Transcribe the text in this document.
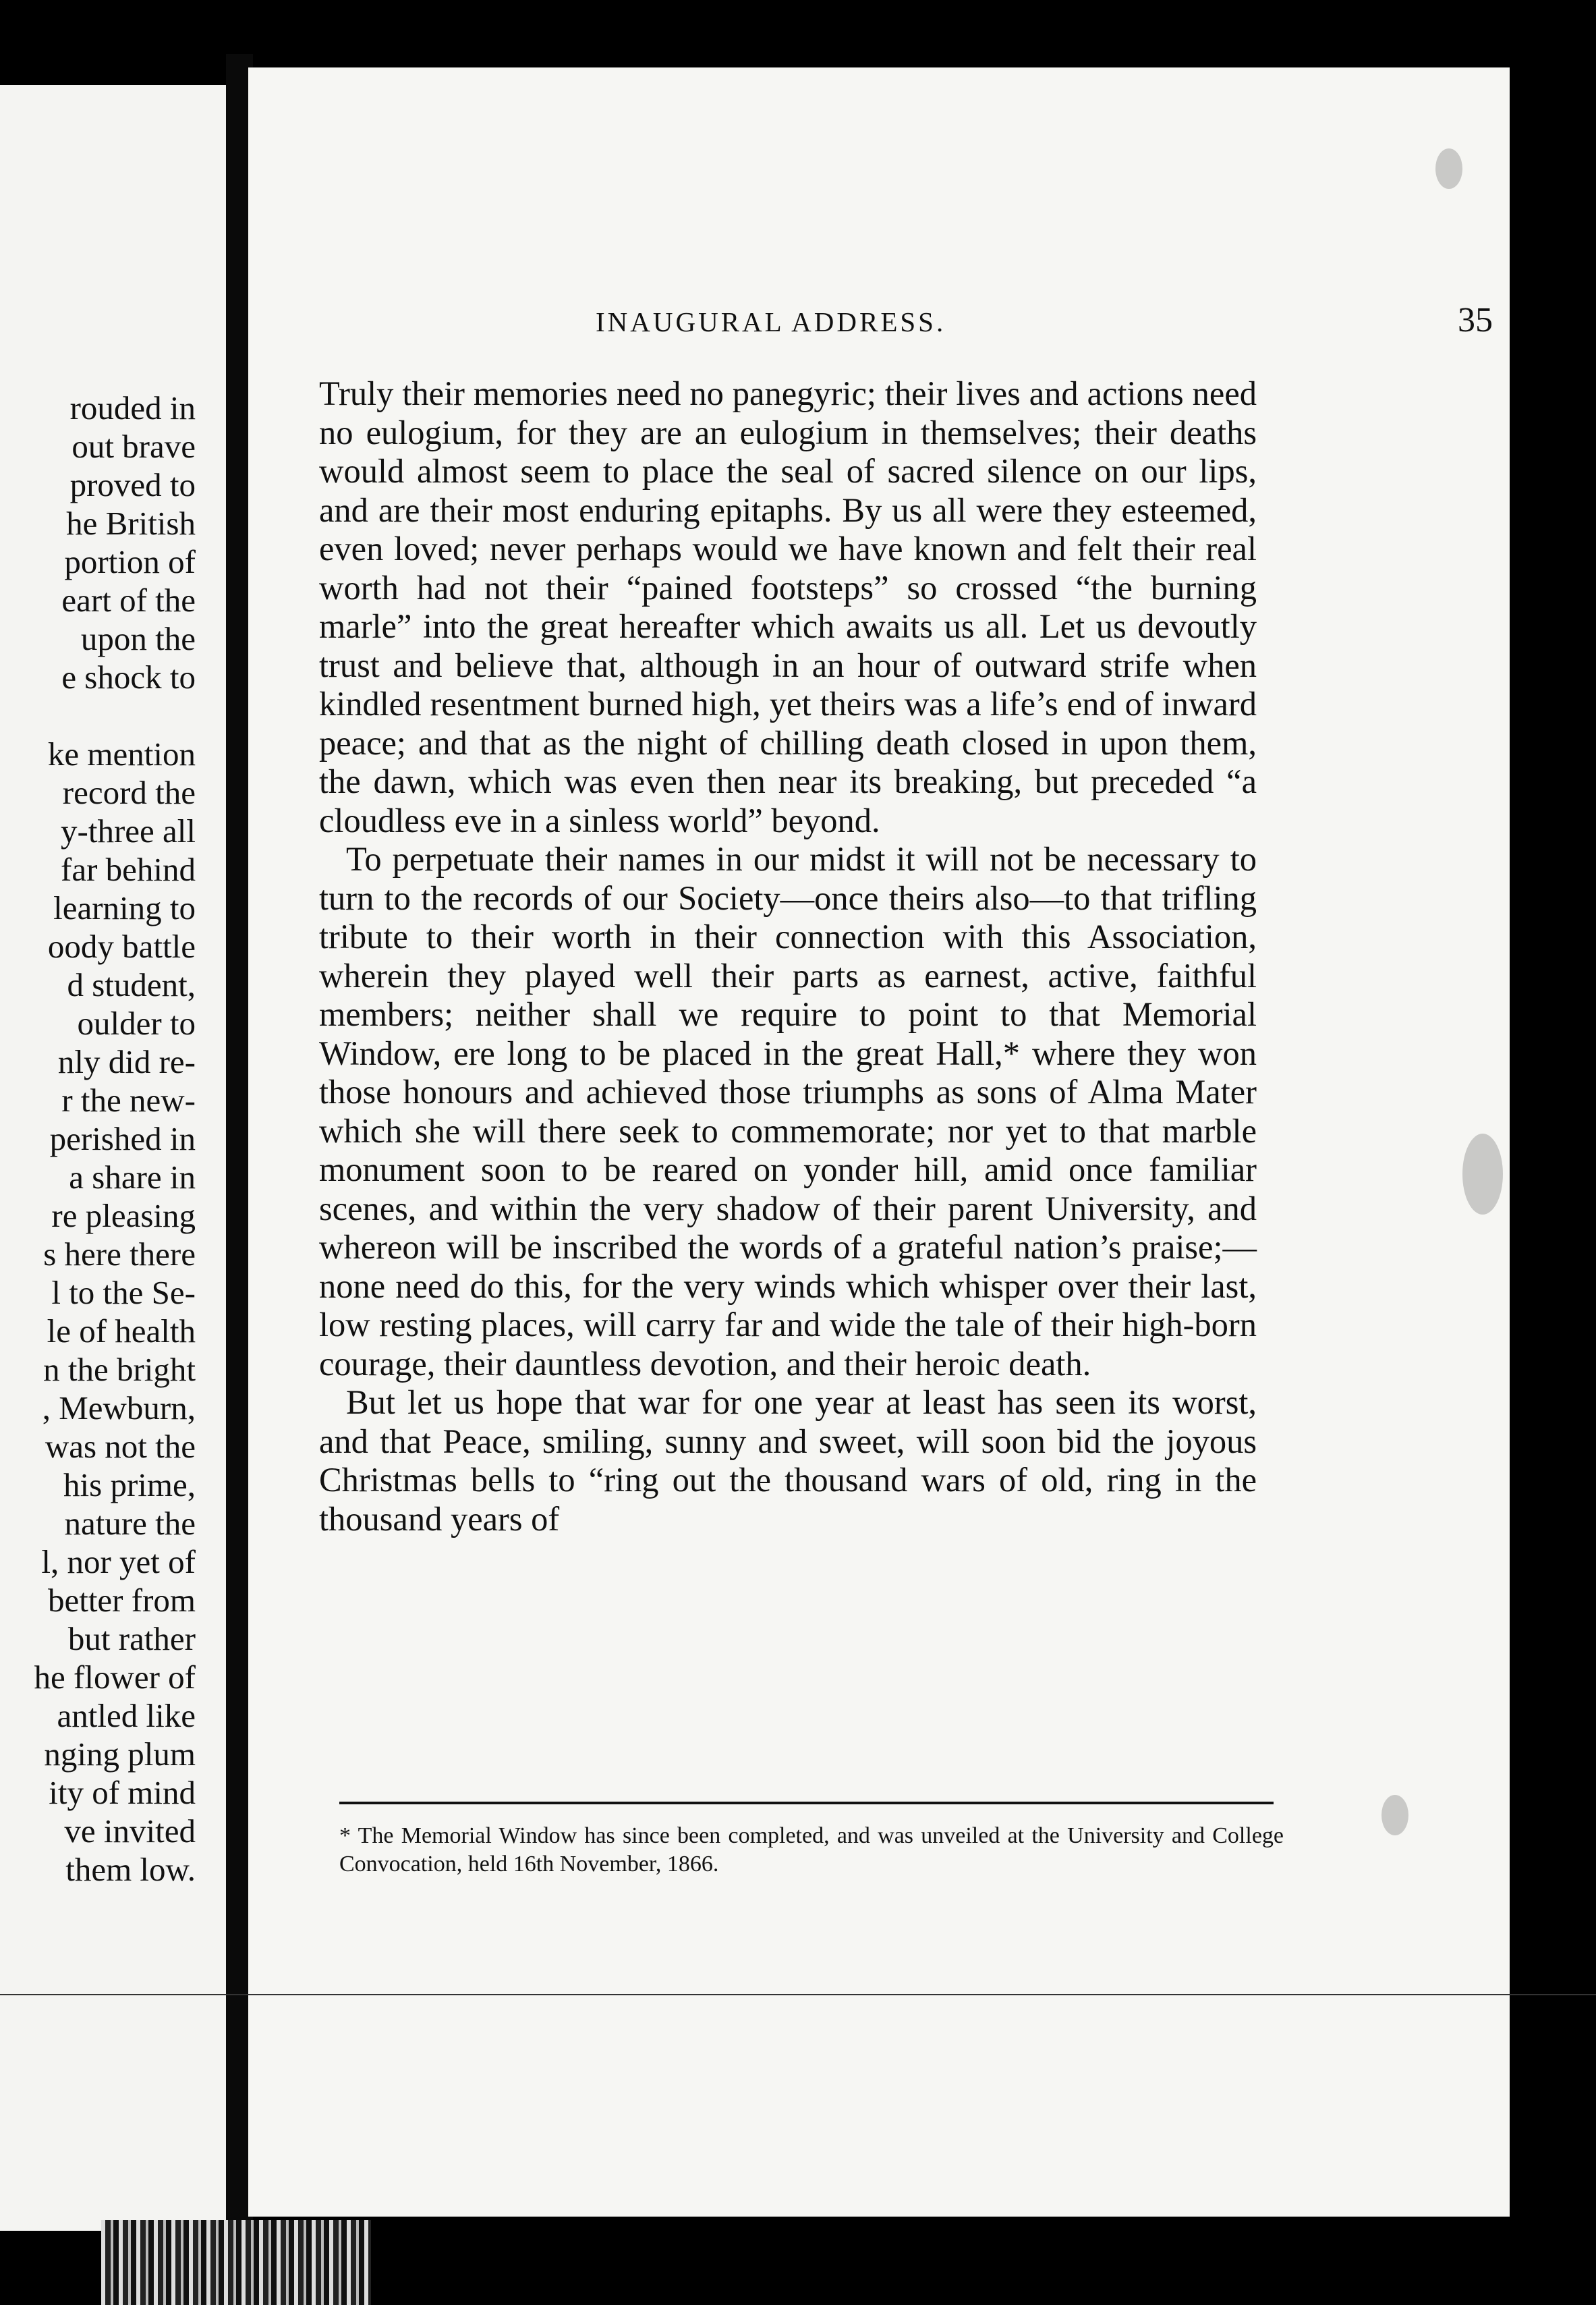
rouded in
out brave
proved to
he British
portion of
eart of the
upon the
e shock to
ke mention
record the
y-three all
far behind
learning to
oody battle
d student,
oulder to
nly did re-
r the new-
perished in
a share in
re pleasing
s here there
l to the Se-
le of health
n the bright
, Mewburn,
was not the
his prime,
nature the
l, nor yet of
better from
but rather
he flower of
antled like
nging plum
ity of mind
ve invited
them low.
INAUGURAL ADDRESS.	35

Truly their memories need no panegyric; their lives and actions need no eulogium, for they are an eulogium in themselves; their deaths would almost seem to place the seal of sacred silence on our lips, and are their most enduring epitaphs. By us all were they esteemed, even loved; never perhaps would we have known and felt their real worth had not their “pained footsteps” so crossed “the burning marle” into the great hereafter which awaits us all. Let us devoutly trust and believe that, although in an hour of outward strife when kindled resentment burned high, yet theirs was a life’s end of inward peace; and that as the night of chilling death closed in upon them, the dawn, which was even then near its breaking, but preceded “a cloudless eve in a sinless world” beyond.

To perpetuate their names in our midst it will not be necessary to turn to the records of our Society—once theirs also—to that trifling tribute to their worth in their connection with this Association, wherein they played well their parts as earnest, active, faithful members; neither shall we require to point to that Memorial Window, ere long to be placed in the great Hall,* where they won those honours and achieved those triumphs as sons of Alma Mater which she will there seek to commemorate; nor yet to that marble monument soon to be reared on yonder hill, amid once familiar scenes, and within the very shadow of their parent University, and whereon will be inscribed the words of a grateful nation’s praise;—none need do this, for the very winds which whisper over their last, low resting places, will carry far and wide the tale of their high-born courage, their dauntless devotion, and their heroic death.

But let us hope that war for one year at least has seen its worst, and that Peace, smiling, sunny and sweet, will soon bid the joyous Christmas bells to “ring out the thousand wars of old, ring in the thousand years of

* The Memorial Window has since been completed, and was unveiled at the University and College Convocation, held 16th November, 1866.
